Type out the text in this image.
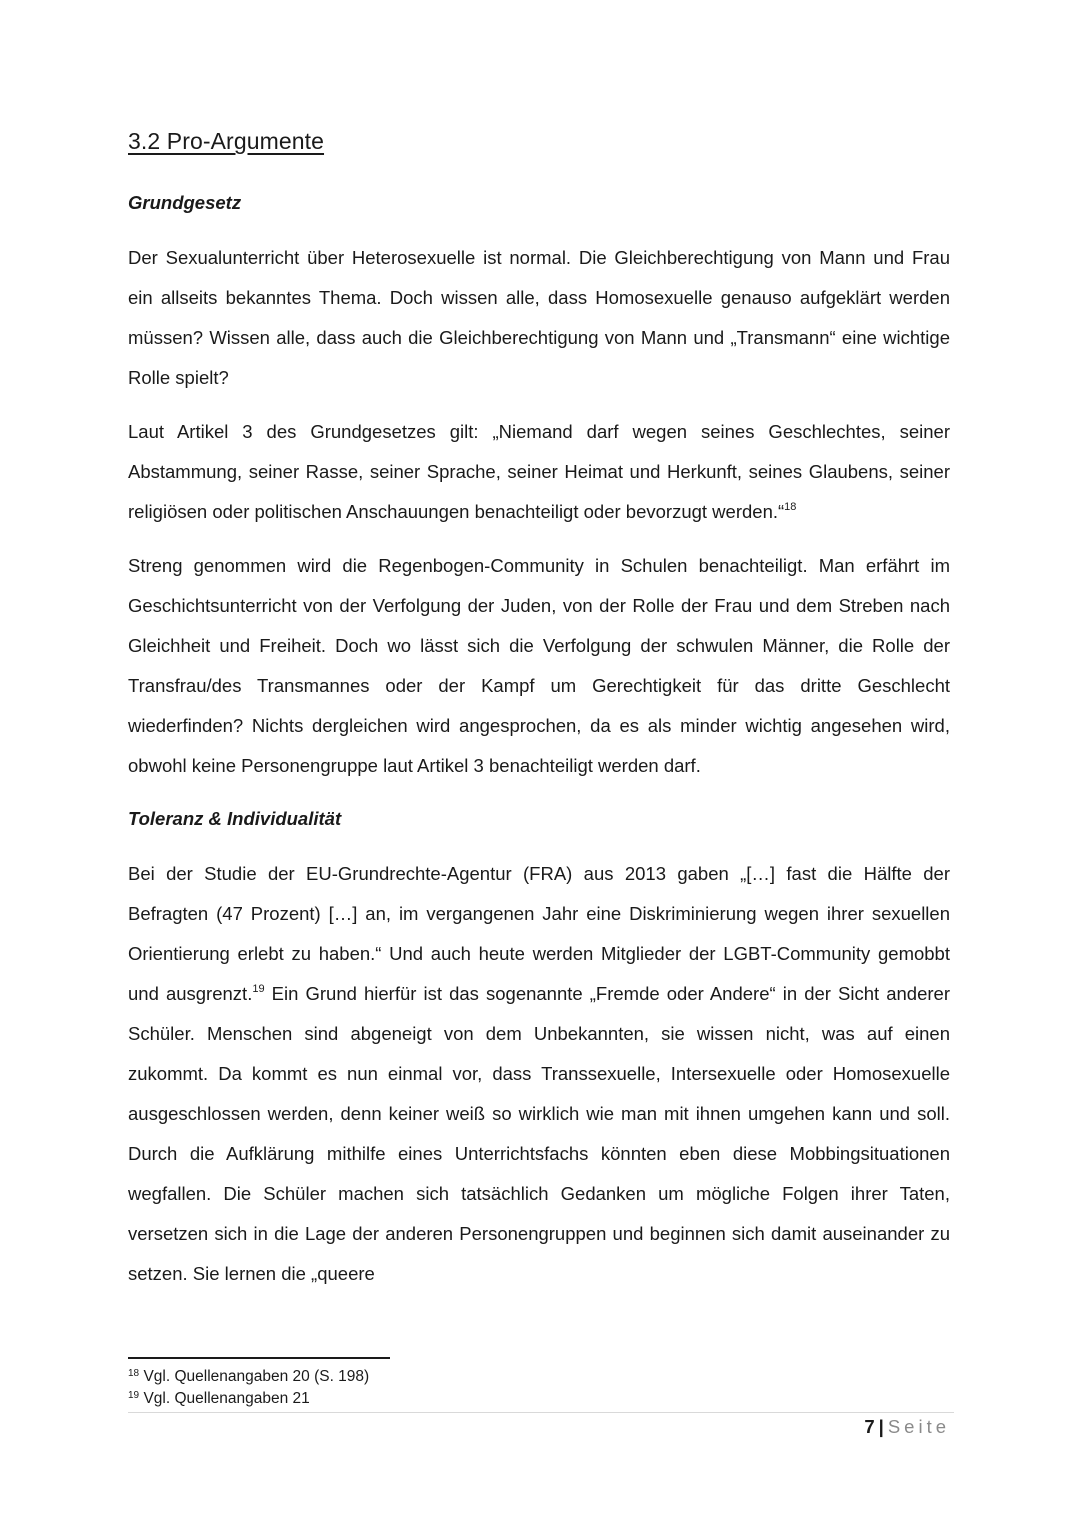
3.2 Pro-Argumente
Grundgesetz

Der Sexualunterricht über Heterosexuelle ist normal. Die Gleichberechtigung von Mann und Frau ein allseits bekanntes Thema. Doch wissen alle, dass Homosexuelle genauso aufgeklärt werden müssen? Wissen alle, dass auch die Gleichberechtigung von Mann und „Transmann“ eine wichtige Rolle spielt?

Laut Artikel 3 des Grundgesetzes gilt: „Niemand darf wegen seines Geschlechtes, seiner Abstammung, seiner Rasse, seiner Sprache, seiner Heimat und Herkunft, seines Glaubens, seiner religiösen oder politischen Anschauungen benachteiligt oder bevorzugt werden.“$^{18}$

Streng genommen wird die Regenbogen-Community in Schulen benachteiligt. Man erfährt im Geschichtsunterricht von der Verfolgung der Juden, von der Rolle der Frau und dem Streben nach Gleichheit und Freiheit. Doch wo lässt sich die Verfolgung der schwulen Männer, die Rolle der Transfrau/des Transmannes oder der Kampf um Gerechtigkeit für das dritte Geschlecht wiederfinden? Nichts dergleichen wird angesprochen, da es als minder wichtig angesehen wird, obwohl keine Personengruppe laut Artikel 3 benachteiligt werden darf.

Toleranz & Individualität

Bei der Studie der EU-Grundrechte-Agentur (FRA) aus 2013 gaben „[…] fast die Hälfte der Befragten (47 Prozent) […] an, im vergangenen Jahr eine Diskriminierung wegen ihrer sexuellen Orientierung erlebt zu haben.“ Und auch heute werden Mitglieder der LGBT-Community gemobbt und ausgrenzt.$^{19}$ Ein Grund hierfür ist das sogenannte „Fremde oder Andere“ in der Sicht anderer Schüler. Menschen sind abgeneigt von dem Unbekannten, sie wissen nicht, was auf einen zukommt. Da kommt es nun einmal vor, dass Transsexuelle, Intersexuelle oder Homosexuelle ausgeschlossen werden, denn keiner weiß so wirklich wie man mit ihnen umgehen kann und soll. Durch die Aufklärung mithilfe eines Unterrichtsfachs könnten eben diese Mobbingsituationen wegfallen. Die Schüler machen sich tatsächlich Gedanken um mögliche Folgen ihrer Taten, versetzen sich in die Lage der anderen Personengruppen und beginnen sich damit auseinander zu setzen. Sie lernen die „queere

$^{18}$ Vgl. Quellenangaben 20 (S. 198)
$^{19}$ Vgl. Quellenangaben 21
7 | Seite
